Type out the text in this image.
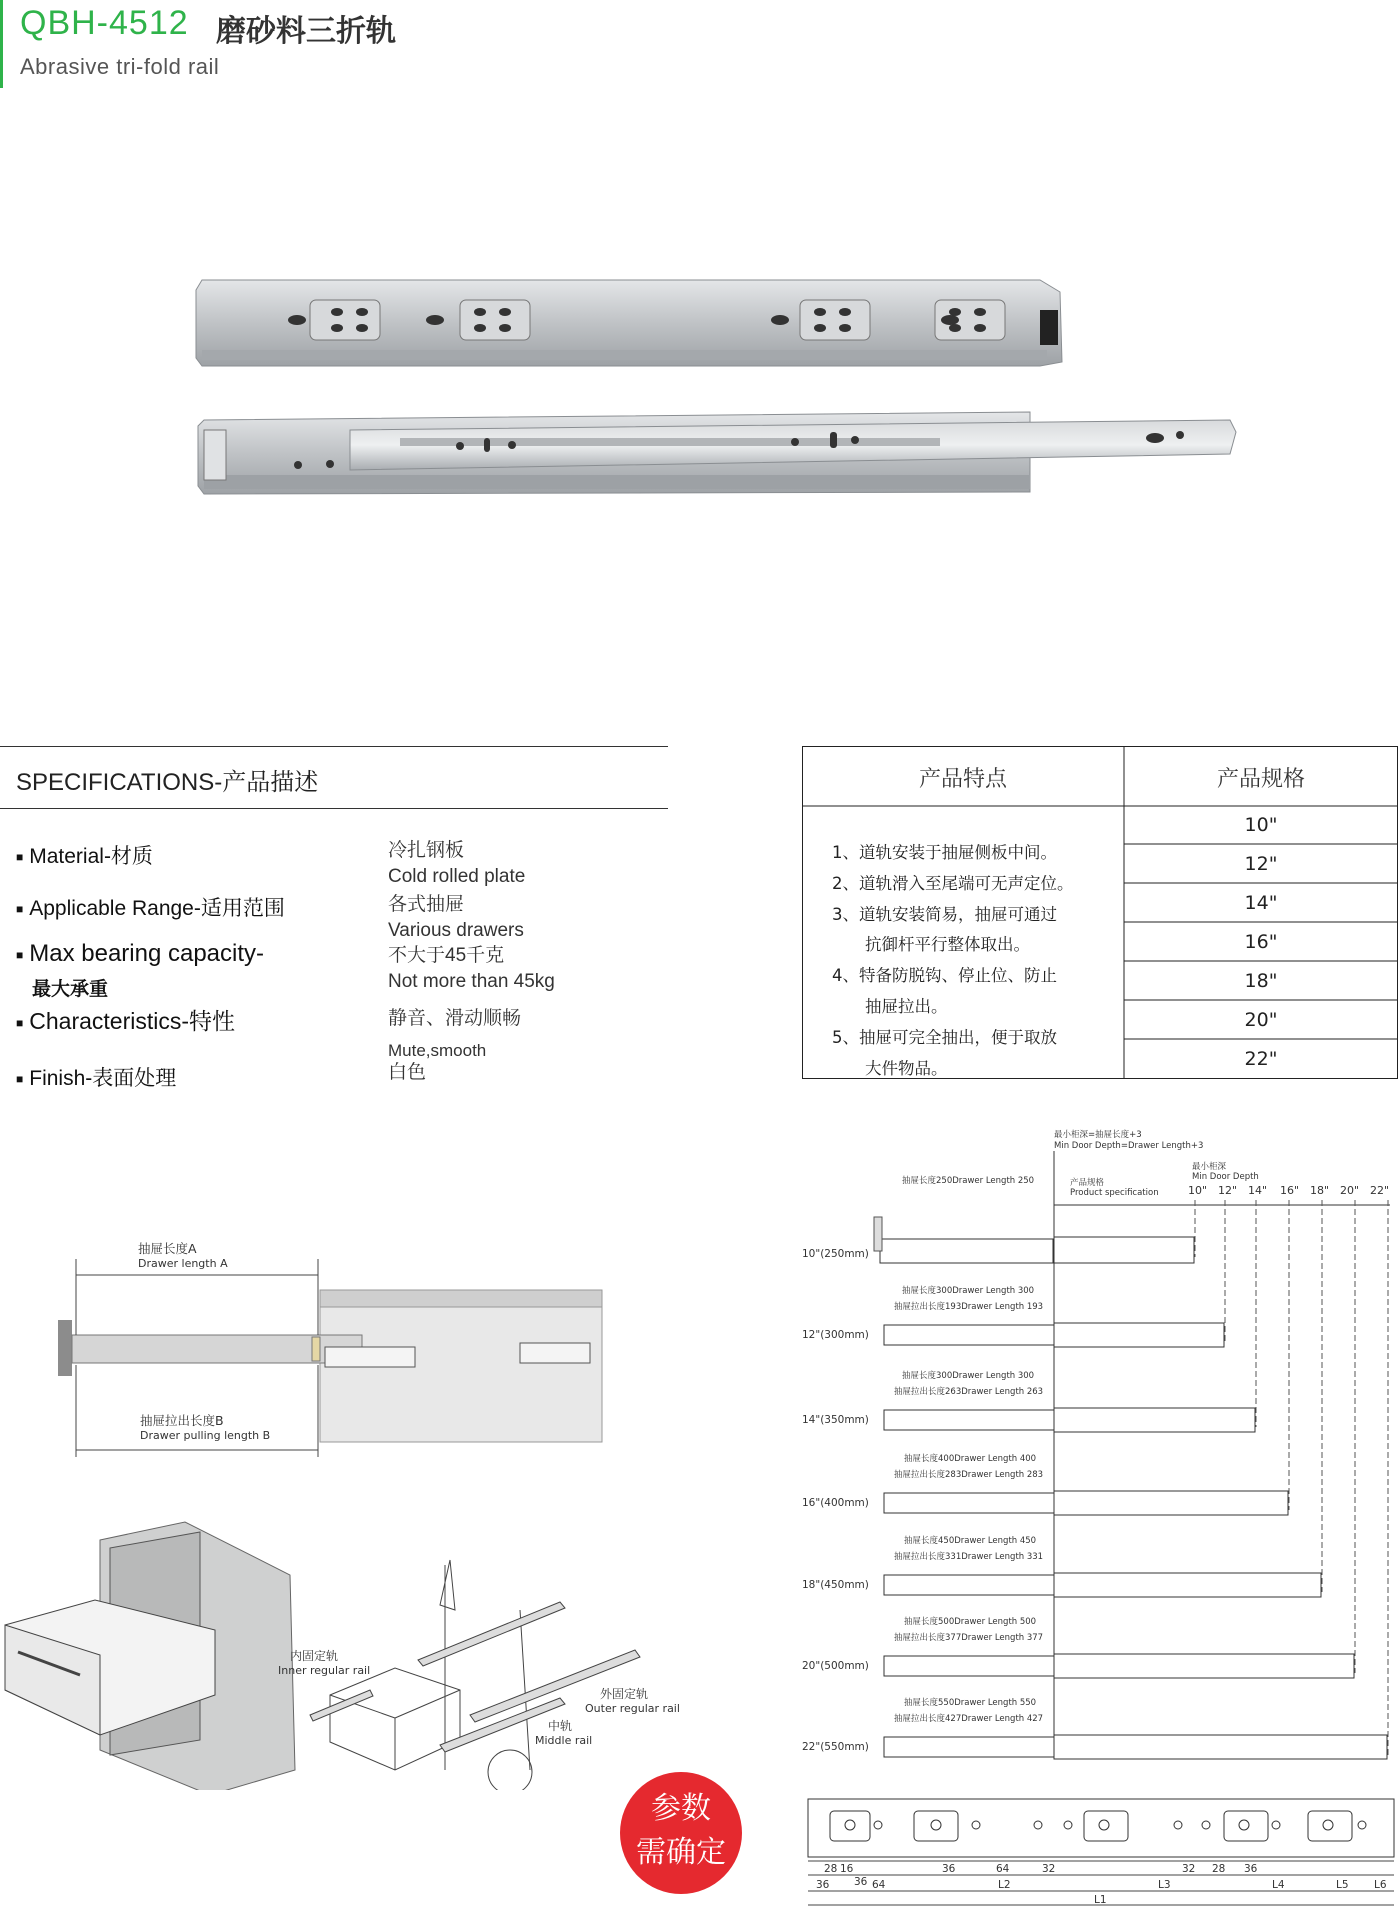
QBH-4512 磨砂料三折轨
Abrasive tri-fold rail
SPECIFICATIONS-产品描述
■ Material-材质	冷扎钢板
Cold rolled plate
■ Applicable Range-适用范围	各式抽屉
Various drawers
■ Max bearing capacity-
最大承重
不大于45千克
Not more than 45kg
■ Characteristics-特性	静音、滑动顺畅
Mute,smooth
■ Finish-表面处理	白色
产品特点	产品规格
1、道轨安装于抽屉侧板中间。
2、道轨滑入至尾端可无声定位。
3、道轨安装简易，抽屉可通过
　　抗御杆平行整体取出。
4、特备防脱钩、停止位、防止
　　抽屉拉出。
5、抽屉可完全抽出，便于取放
　　大件物品。
10"
12"
14"
16"
18"
20"
22"
抽屉长度A
Drawer length A
抽屉拉出长度B
Drawer pulling length B
内固定轨
Inner regular rail
外固定轨
Outer regular rail
中轨
Middle rail
最小柜深=抽屉长度+3
Min Door Depth=Drawer Length+3
最小柜深
Min Door Depth
产品规格
Product specification	10" 12" 14" 16" 18" 20" 22"
10"(250mm)
抽屉长度250Drawer Length 250
12"(300mm)
抽屉长度300Drawer Length 300
抽屉拉出长度193Drawer Length 193
14"(350mm)
抽屉长度300Drawer Length 300
抽屉拉出长度263Drawer Length 263
16"(400mm)
抽屉长度400Drawer Length 400
抽屉拉出长度283Drawer Length 283
18"(450mm)
抽屉长度450Drawer Length 450
抽屉拉出长度331Drawer Length 331
20"(500mm)
抽屉长度500Drawer Length 500
抽屉拉出长度377Drawer Length 377
22"(550mm)
抽屉长度550Drawer Length 550
抽屉拉出长度427Drawer Length 427
28 16
36
36	64	32	32 28 36
36	64	L2	L3	L4	L5 L6
L1
参数
需确定
